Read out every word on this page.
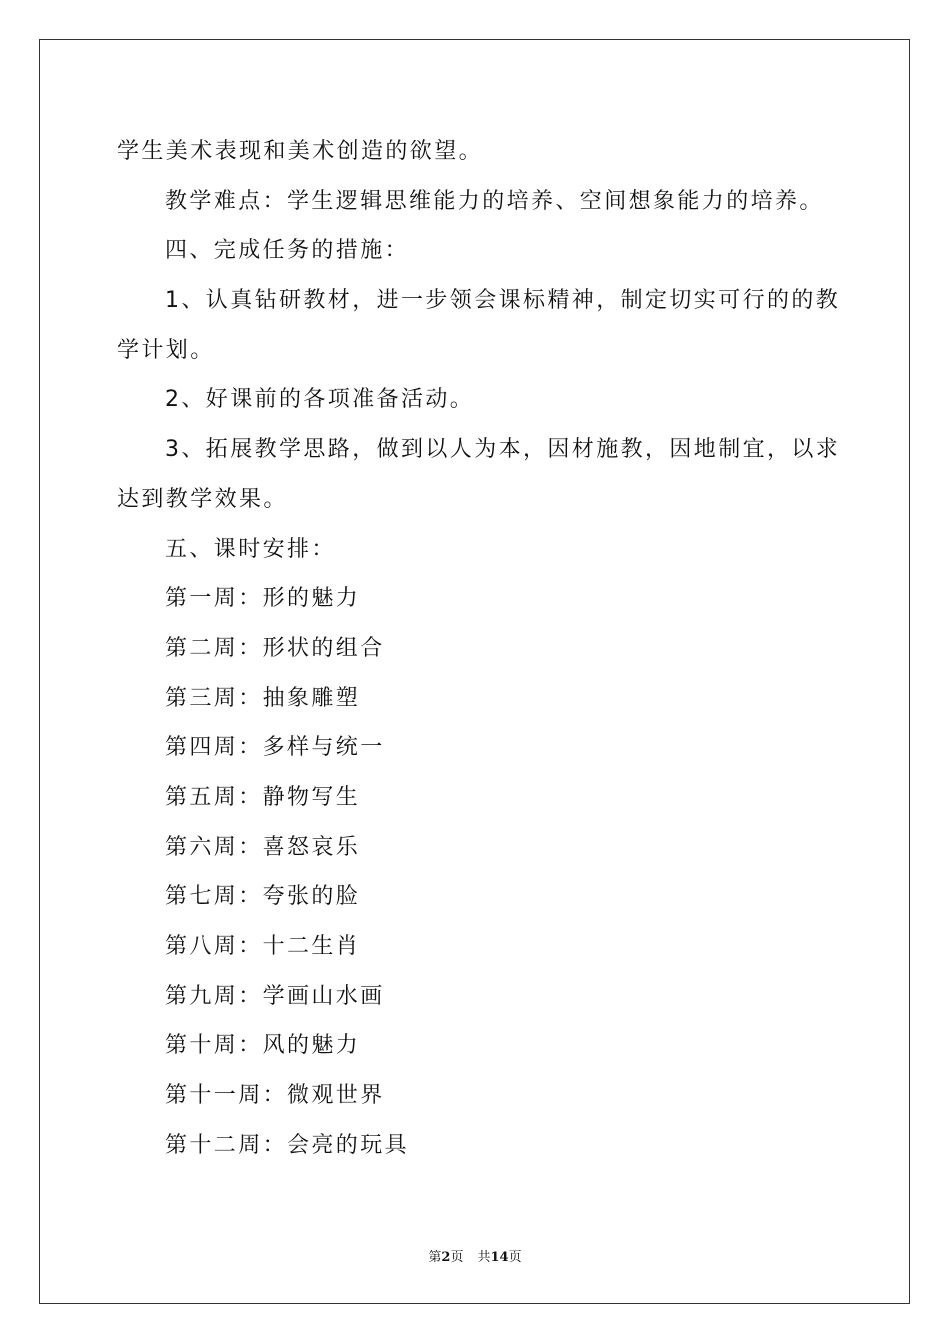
学生美术表现和美术创造的欲望。
教学难点：学生逻辑思维能力的培养、空间想象能力的培养。
四、完成任务的措施：
1、认真钻研教材，进一步领会课标精神，制定切实可行的的教
学计划。
2、好课前的各项准备活动。
3、拓展教学思路，做到以人为本，因材施教，因地制宜，以求
达到教学效果。
五、课时安排：
第一周：形的魅力
第二周：形状的组合
第三周：抽象雕塑
第四周：多样与统一
第五周：静物写生
第六周：喜怒哀乐
第七周：夸张的脸
第八周：十二生肖
第九周：学画山水画
第十周：风的魅力
第十一周：微观世界
第十二周：会亮的玩具
第2页 共14页
